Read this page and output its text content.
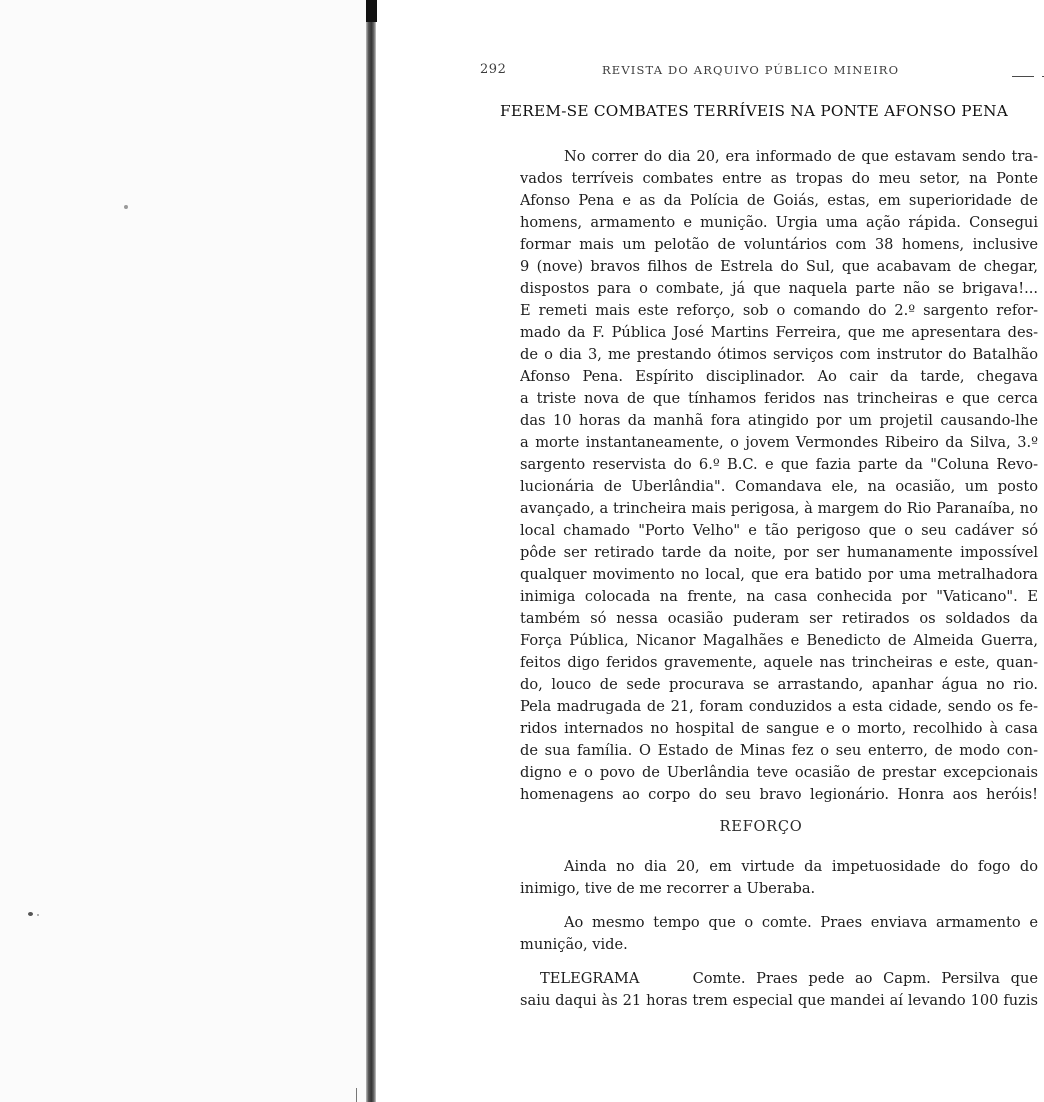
292	REVISTA DO ARQUIVO PÚBLICO MINEIRO
FEREM-SE COMBATES TERRÍVEIS NA PONTE AFONSO PENA
No correr do dia 20, era informado de que estavam sendo tra-
vados terríveis combates entre as tropas do meu setor, na Ponte
Afonso Pena e as da Polícia de Goiás, estas, em superioridade de
homens, armamento e munição. Urgia uma ação rápida. Consegui
formar mais um pelotão de voluntários com 38 homens, inclusive
9 (nove) bravos filhos de Estrela do Sul, que acabavam de chegar,
dispostos para o combate, já que naquela parte não se brigava!...
E remeti mais este reforço, sob o comando do 2.º sargento refor-
mado da F. Pública José Martins Ferreira, que me apresentara des-
de o dia 3, me prestando ótimos serviços com instrutor do Batalhão
Afonso Pena. Espírito disciplinador. Ao cair da tarde, chegava
a triste nova de que tínhamos feridos nas trincheiras e que cerca
das 10 horas da manhã fora atingido por um projetil causando-lhe
a morte instantaneamente, o jovem Vermondes Ribeiro da Silva, 3.º
sargento reservista do 6.º B.C. e que fazia parte da "Coluna Revo-
lucionária de Uberlândia". Comandava ele, na ocasião, um posto
avançado, a trincheira mais perigosa, à margem do Rio Paranaíba, no
local chamado "Porto Velho" e tão perigoso que o seu cadáver só
pôde ser retirado tarde da noite, por ser humanamente impossível
qualquer movimento no local, que era batido por uma metralhadora
inimiga colocada na frente, na casa conhecida por "Vaticano". E
também só nessa ocasião puderam ser retirados os soldados da
Força Pública, Nicanor Magalhães e Benedicto de Almeida Guerra,
feitos digo feridos gravemente, aquele nas trincheiras e este, quan-
do, louco de sede procurava se arrastando, apanhar água no rio.
Pela madrugada de 21, foram conduzidos a esta cidade, sendo os fe-
ridos internados no hospital de sangue e o morto, recolhido à casa
de sua família. O Estado de Minas fez o seu enterro, de modo con-
digno e o povo de Uberlândia teve ocasião de prestar excepcionais
homenagens ao corpo do seu bravo legionário. Honra aos heróis!
REFORÇO
Ainda no dia 20, em virtude da impetuosidade do fogo do
inimigo, tive de me recorrer a Uberaba.
Ao mesmo tempo que o comte. Praes enviava armamento e
munição, vide.
TELEGRAMA     Comte. Praes pede ao Capm. Persilva que
saiu daqui às 21 horas trem especial que mandei aí levando 100 fuzis
